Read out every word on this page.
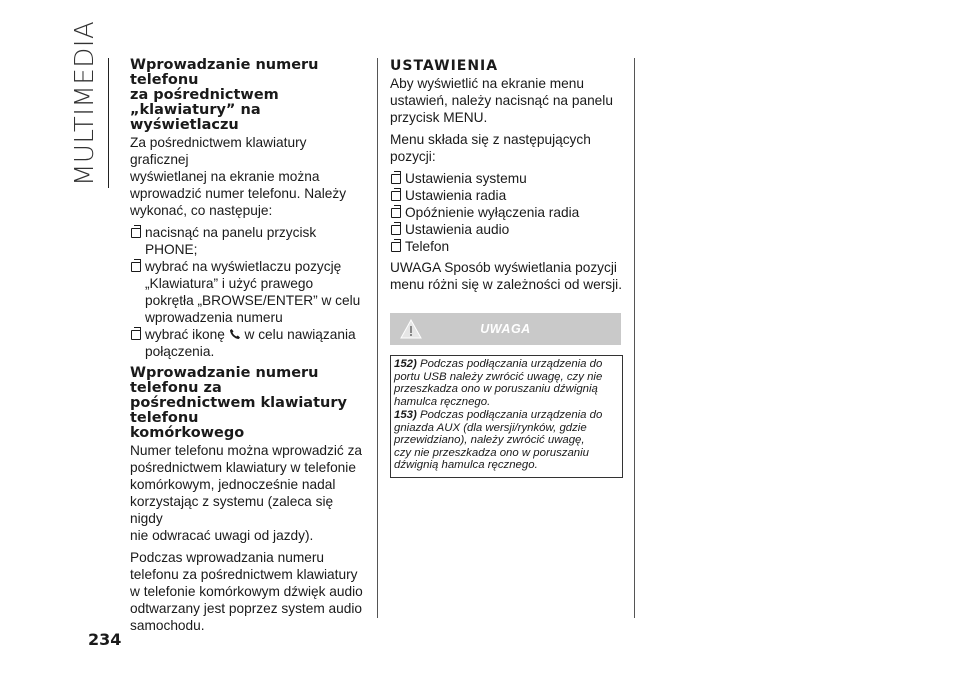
MULTIMEDIA
234
Wprowadzanie numeru telefonu
za pośrednictwem „klawiatury” na
wyświetlaczu

Za pośrednictwem klawiatury graficznej
wyświetlanej na ekranie można
wprowadzić numer telefonu. Należy
wykonać, co następuje:

nacisnąć na panelu przycisk PHONE;
wybrać na wyświetlaczu pozycję
„Klawiatura” i użyć prawego
pokrętła „BROWSE/ENTER” w celu
wprowadzenia numeru
wybrać ikonę w celu nawiązania
połączenia.
Wprowadzanie numeru telefonu za
pośrednictwem klawiatury telefonu
komórkowego

Numer telefonu można wprowadzić za
pośrednictwem klawiatury w telefonie
komórkowym, jednocześnie nadal
korzystając z systemu (zaleca się nigdy
nie odwracać uwagi od jazdy).

Podczas wprowadzania numeru
telefonu za pośrednictwem klawiatury
w telefonie komórkowym dźwięk audio
odtwarzany jest poprzez system audio
samochodu.

USTAWIENIA

Aby wyświetlić na ekranie menu
ustawień, należy nacisnąć na panelu
przycisk MENU.

Menu składa się z następujących
pozycji:

Ustawienia systemu
Ustawienia radia
Opóźnienie wyłączenia radia
Ustawienia audio
Telefon

UWAGA Sposób wyświetlania pozycji
menu różni się w zależności od wersji.

UWAGA

152) Podczas podłączania urządzenia do
portu USB należy zwrócić uwagę, czy nie
przeszkadza ono w poruszaniu dźwignią
hamulca ręcznego.

153) Podczas podłączania urządzenia do
gniazda AUX (dla wersji/rynków, gdzie
przewidziano), należy zwrócić uwagę,
czy nie przeszkadza ono w poruszaniu
dźwignią hamulca ręcznego.
